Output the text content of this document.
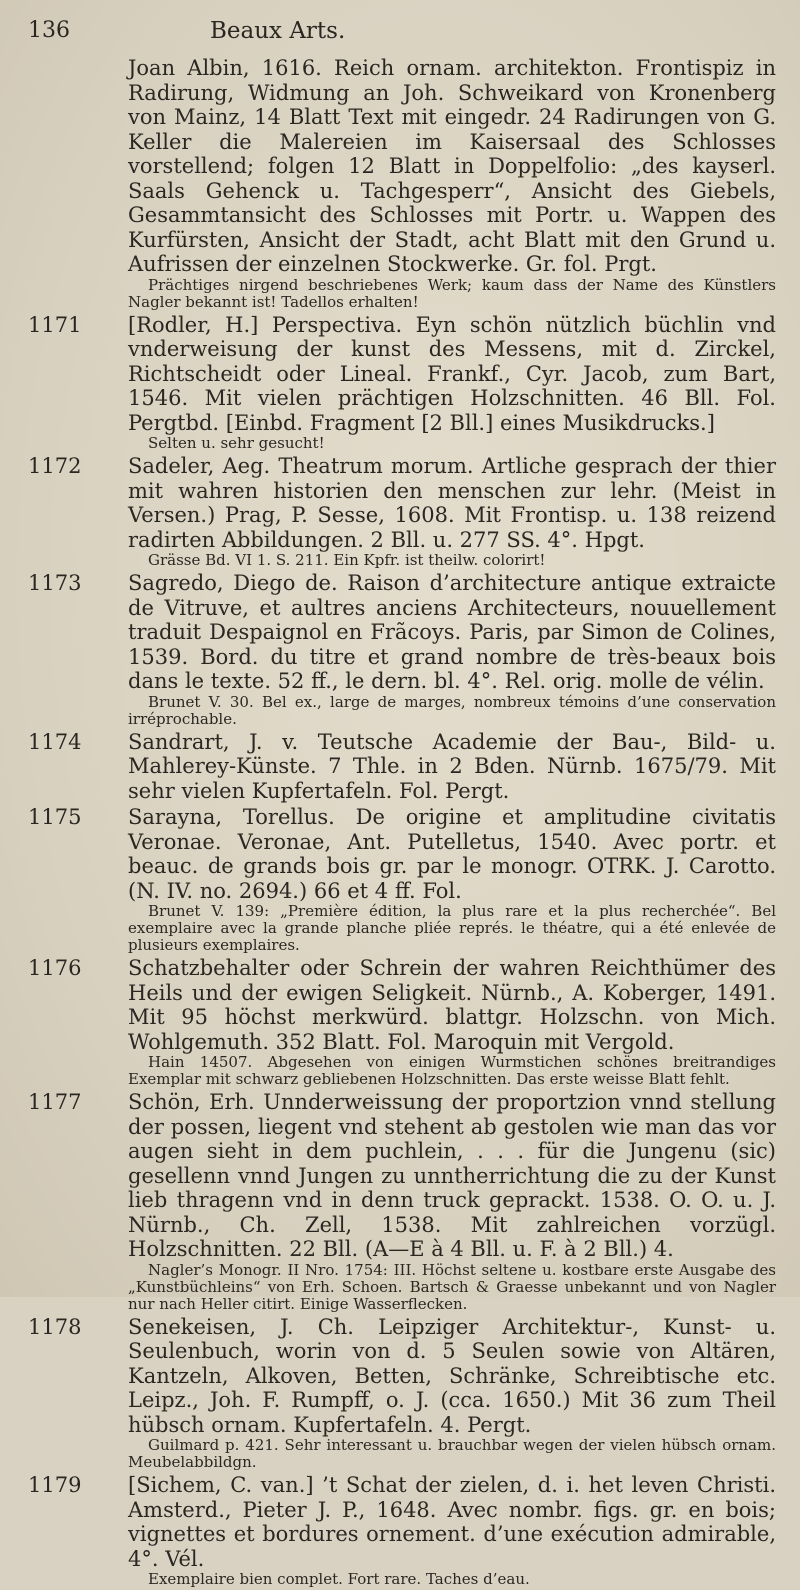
136	Beaux Arts.
Joan Albin, 1616. Reich ornam. architekton. Frontispiz in Radirung, Widmung an Joh. Schweikard von Kronenberg von Mainz, 14 Blatt Text mit eingedr. 24 Radirungen von G. Keller die Malereien im Kaisersaal des Schlosses vorstellend; folgen 12 Blatt in Doppelfolio: „des kayserl. Saals Gehenck u. Tachgesperr“, Ansicht des Giebels, Gesammtansicht des Schlosses mit Portr. u. Wappen des Kurfürsten, Ansicht der Stadt, acht Blatt mit den Grund u. Aufrissen der einzelnen Stockwerke. Gr. fol. Prgt.
Prächtiges nirgend beschriebenes Werk; kaum dass der Name des Künstlers Nagler bekannt ist! Tadellos erhalten!
1171 [Rodler, H.] Perspectiva. Eyn schön nützlich büchlin vnd vnderweisung der kunst des Messens, mit d. Zirckel, Richtscheidt oder Lineal. Frankf., Cyr. Jacob, zum Bart, 1546. Mit vielen prächtigen Holzschnitten. 46 Bll. Fol. Pergtbd. [Einbd. Fragment [2 Bll.] eines Musikdrucks.]
Selten u. sehr gesucht!
1172 Sadeler, Aeg. Theatrum morum. Artliche gesprach der thier mit wahren historien den menschen zur lehr. (Meist in Versen.) Prag, P. Sesse, 1608. Mit Frontisp. u. 138 reizend radirten Abbildungen. 2 Bll. u. 277 SS. 4°. Hpgt.
Grässe Bd. VI 1. S. 211. Ein Kpfr. ist theilw. colorirt!
1173 Sagredo, Diego de. Raison d’architecture antique extraicte de Vitruve, et aultres anciens Architecteurs, nouuellement traduit Despaignol en Frãcoys. Paris, par Simon de Colines, 1539. Bord. du titre et grand nombre de très-beaux bois dans le texte. 52 ff., le dern. bl. 4°. Rel. orig. molle de vélin.
Brunet V. 30. Bel ex., large de marges, nombreux témoins d’une conservation irréprochable.
1174 Sandrart, J. v. Teutsche Academie der Bau-, Bild- u. Mahlerey-Künste. 7 Thle. in 2 Bden. Nürnb. 1675/79. Mit sehr vielen Kupfertafeln. Fol. Pergt.
1175 Sarayna, Torellus. De origine et amplitudine civitatis Veronae. Veronae, Ant. Putelletus, 1540. Avec portr. et beauc. de grands bois gr. par le monogr. OTRK. J. Carotto. (N. IV. no. 2694.) 66 et 4 ff. Fol.
Brunet V. 139: „Première édition, la plus rare et la plus recherchée“. Bel exemplaire avec la grande planche pliée représ. le théatre, qui a été enlevée de plusieurs exemplaires.
1176 Schatzbehalter oder Schrein der wahren Reichthümer des Heils und der ewigen Seligkeit. Nürnb., A. Koberger, 1491. Mit 95 höchst merkwürd. blattgr. Holzschn. von Mich. Wohlgemuth. 352 Blatt. Fol. Maroquin mit Vergold.
Hain 14507. Abgesehen von einigen Wurmstichen schönes breitrandiges Exemplar mit schwarz gebliebenen Holzschnitten. Das erste weisse Blatt fehlt.
1177 Schön, Erh. Unnderweissung der proportzion vnnd stellung der possen, liegent vnd stehent ab gestolen wie man das vor augen sieht in dem puchlein, . . . für die Jungenu (sic) gesellenn vnnd Jungen zu unntherrichtung die zu der Kunst lieb thragenn vnd in denn truck geprackt. 1538. O. O. u. J. Nürnb., Ch. Zell, 1538. Mit zahlreichen vorzügl. Holzschnitten. 22 Bll. (A—E à 4 Bll. u. F. à 2 Bll.) 4.
Nagler’s Monogr. II Nro. 1754: III. Höchst seltene u. kostbare erste Ausgabe des „Kunstbüchleins“ von Erh. Schoen. Bartsch & Graesse unbekannt und von Nagler nur nach Heller citirt. Einige Wasserflecken.
1178 Senekeisen, J. Ch. Leipziger Architektur-, Kunst- u. Seulenbuch, worin von d. 5 Seulen sowie von Altären, Kantzeln, Alkoven, Betten, Schränke, Schreibtische etc. Leipz., Joh. F. Rumpff, o. J. (cca. 1650.) Mit 36 zum Theil hübsch ornam. Kupfertafeln. 4. Pergt.
Guilmard p. 421. Sehr interessant u. brauchbar wegen der vielen hübsch ornam. Meubelabbildgn.
1179 [Sichem, C. van.] ’t Schat der zielen, d. i. het leven Christi. Amsterd., Pieter J. P., 1648. Avec nombr. figs. gr. en bois; vignettes et bordures ornement. d’une exécution admirable, 4°. Vél.
Exemplaire bien complet. Fort rare. Taches d’eau.
